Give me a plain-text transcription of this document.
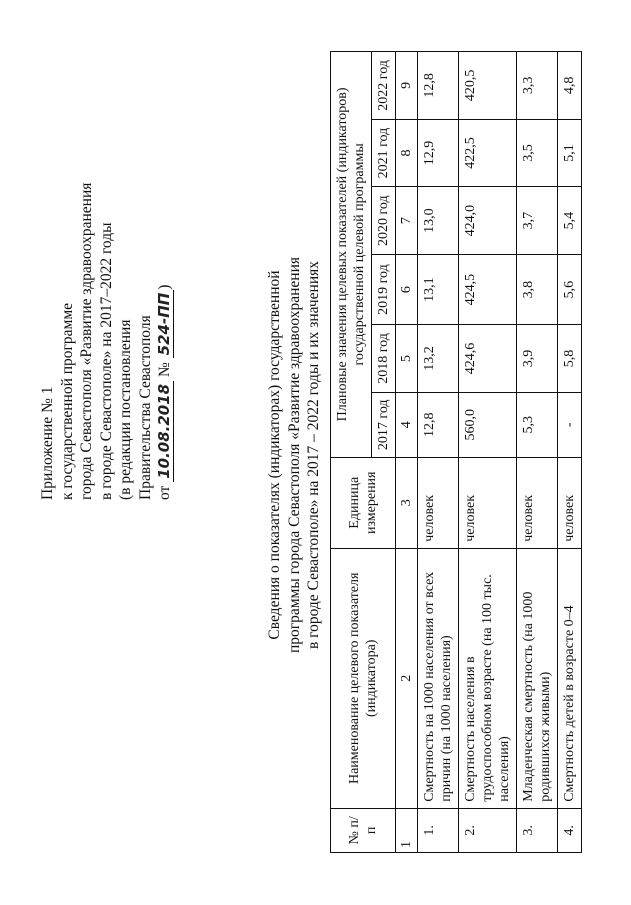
Приложение № 1 к государственной программе города Севастополя «Развитие здравоохранения в городе Севастополе» на 2017–2022 годы (в редакции постановления Правительства Севастополя от 10.08.2018 № 524-ПП)	Сведения о показателях (индикаторах) государственной программы города Севастополя «Развитие здравоохранения в городе Севастополе» на 2017 – 2022 годы и их значениях
№ п/п	Наименование целевого показателя (индикатора)	Единица измерения	Плановые значения целевых показателей (индикаторов) государственной целевой программы					
			2017 год	2018 год	2019 год	2020 год	2021 год	2022 год
1	2	3	4	5	6	7	8	9
1.	Смертность на 1000 населения от всех причин (на 1000 населения)	человек	12,8	13,2	13,1	13,0	12,9	12,8
2.	Смертность населения в трудоспособном возрасте (на 100 тыс. населения)	человек	560,0	424,6	424,5	424,0	422,5	420,5
3.	Младенческая смертность (на 1000 родившихся живыми)	человек	5,3	3,9	3,8	3,7	3,5	3,3
4.	Смертность детей в возрасте 0–4	человек	-	5,8	5,6	5,4	5,1	4,8
